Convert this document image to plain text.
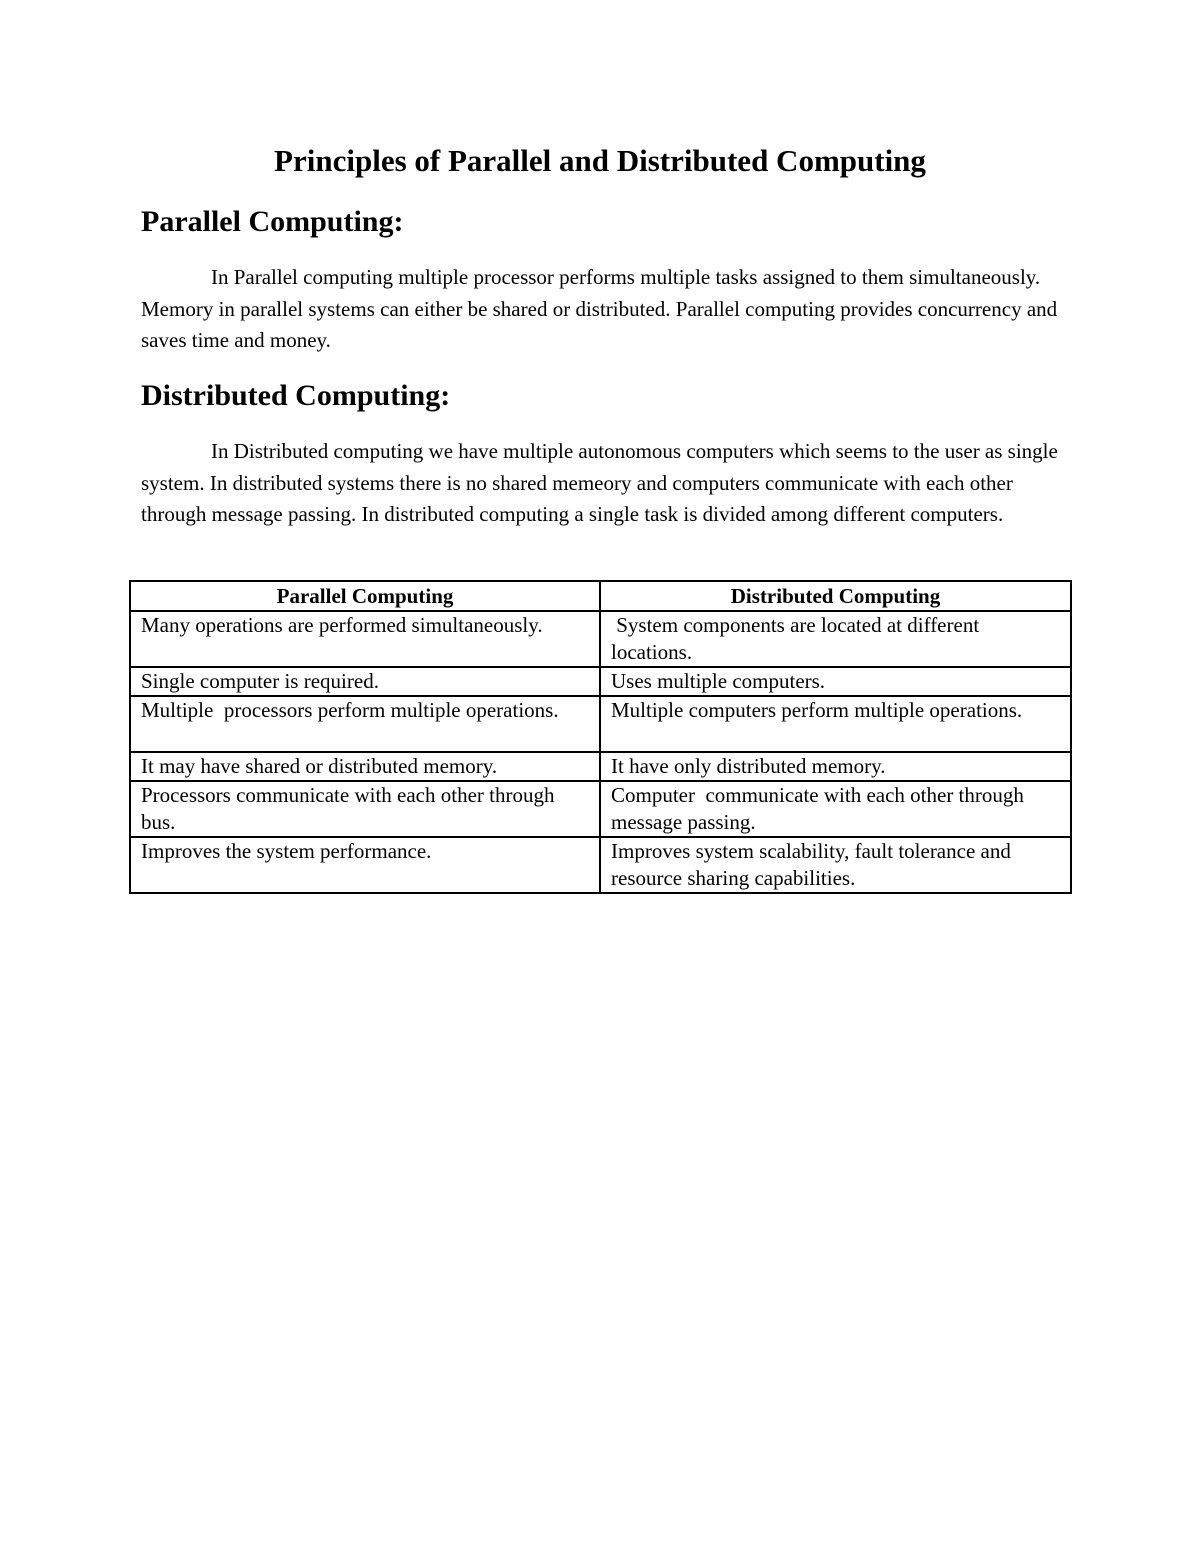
Principles of Parallel and Distributed Computing
Parallel Computing:

In Parallel computing multiple processor performs multiple tasks assigned to them simultaneously. Memory in parallel systems can either be shared or distributed. Parallel computing provides concurrency and saves time and money.

Distributed Computing:

In Distributed computing we have multiple autonomous computers which seems to the user as single system. In distributed systems there is no shared memeory and computers communicate with each other through message passing. In distributed computing a single task is divided among different computers.

Parallel Computing	Distributed Computing
Many operations are performed simultaneously.	System components are located at different locations.
Single computer is required.	Uses multiple computers.
Multiple  processors perform multiple operations.	Multiple computers perform multiple operations.
It may have shared or distributed memory.	It have only distributed memory.
Processors communicate with each other through bus.	Computer  communicate with each other through message passing.
Improves the system performance.	Improves system scalability, fault tolerance and resource sharing capabilities.
